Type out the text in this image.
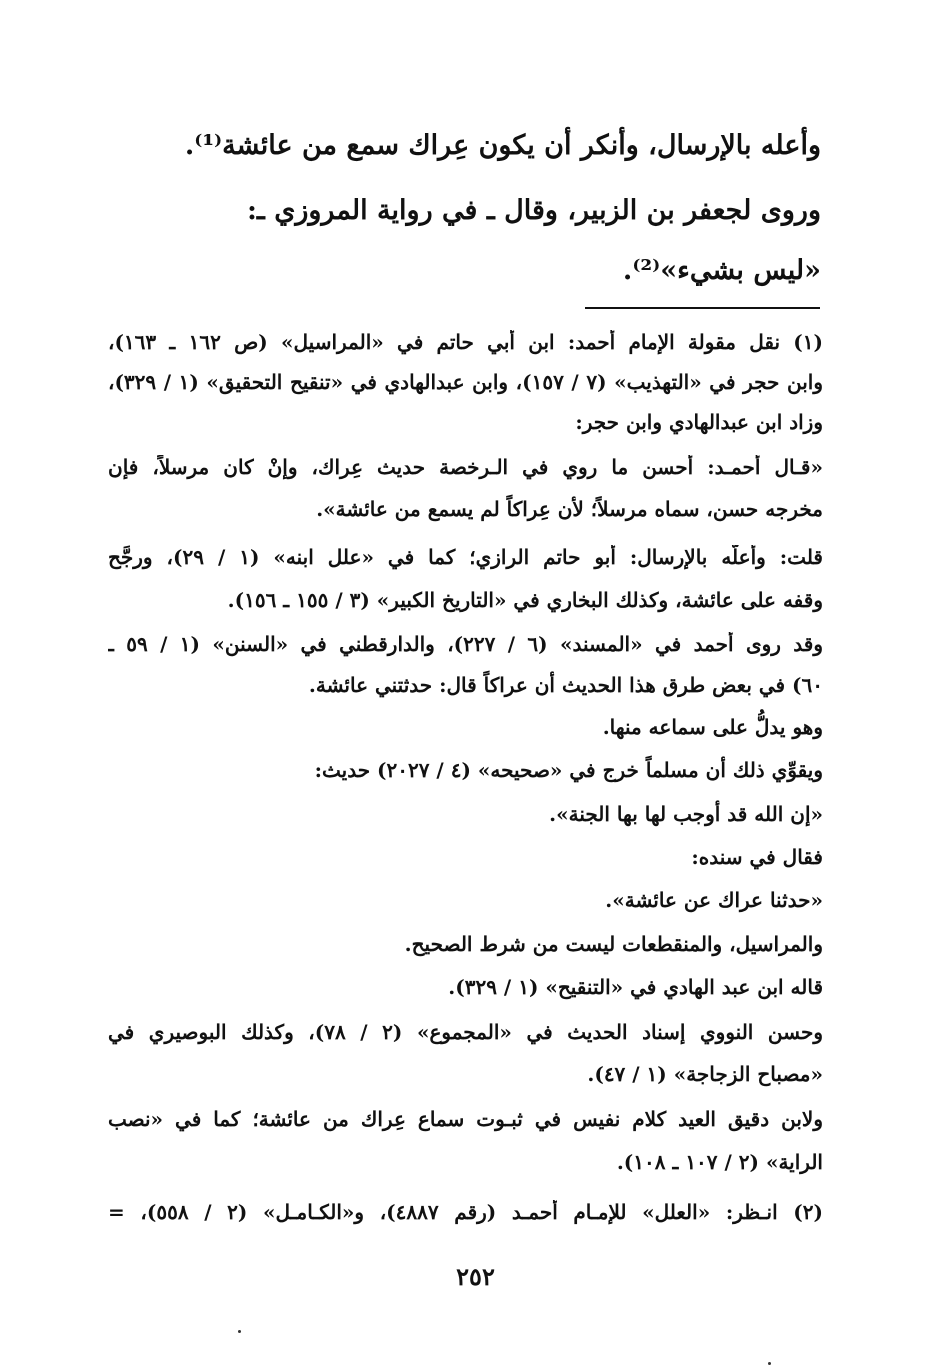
وأعله بالإرسال، وأنكر أن يكون عِراك سمع من عائشة⁽¹⁾.
وروى لجعفر بن الزبير، وقال ـ في رواية المروزي ـ:
«ليس بشيء»⁽²⁾.
(١) نقل مقولة الإمام أحمد: ابن أبي حاتم في «المراسيل» (ص ١٦٢ ـ ١٦٣)،
وابن حجر في «التهذيب» (٧ / ١٥٧)، وابن عبدالهادي في «تنقيح التحقيق» (١ / ٣٢٩)،
وزاد ابن عبدالهادي وابن حجر:
«قـال أحمـد: أحسن ما روي في الـرخصة حديث عِراك، وإنْ كان مرسلاً، فإن
مخرجه حسن، سماه مرسلاً؛ لأن عِراكاً لم يسمع من عائشة».
قلت: وأعلّه بالإرسال: أبو حاتم الرازي؛ كما في «علل ابنه» (١ / ٢٩)، ورجَّح
وقفه على عائشة، وكذلك البخاري في «التاريخ الكبير» (٣ / ١٥٥ ـ ١٥٦).
وقد روى أحمد في «المسند» (٦ / ٢٢٧)، والدارقطني في «السنن» (١ / ٥٩ ـ
٦٠) في بعض طرق هذا الحديث أن عراكاً قال: حدثتني عائشة.
وهو يدلُّ على سماعه منها.
ويقوِّي ذلك أن مسلماً خرج في «صحيحه» (٤ / ٢٠٢٧) حديث:
«إن الله قد أوجب لها بها الجنة».
فقال في سنده:
«حدثنا عراك عن عائشة».
والمراسيل، والمنقطعات ليست من شرط الصحيح.
قاله ابن عبد الهادي في «التنقيح» (١ / ٣٢٩).
وحسن النووي إسناد الحديث في «المجموع» (٢ / ٧٨)، وكذلك البوصيري في
«مصباح الزجاجة» (١ / ٤٧).
ولابن دقيق العيد كلام نفيس في ثبـوت سماع عِراك من عائشة؛ كما في «نصب
الراية» (٢ / ١٠٧ ـ ١٠٨).
(٢) انـظر: «العلل» للإمـام أحمـد (رقم ٤٨٨٧)، و«الكـامـل» (٢ / ٥٥٨)، =
٢٥٢
